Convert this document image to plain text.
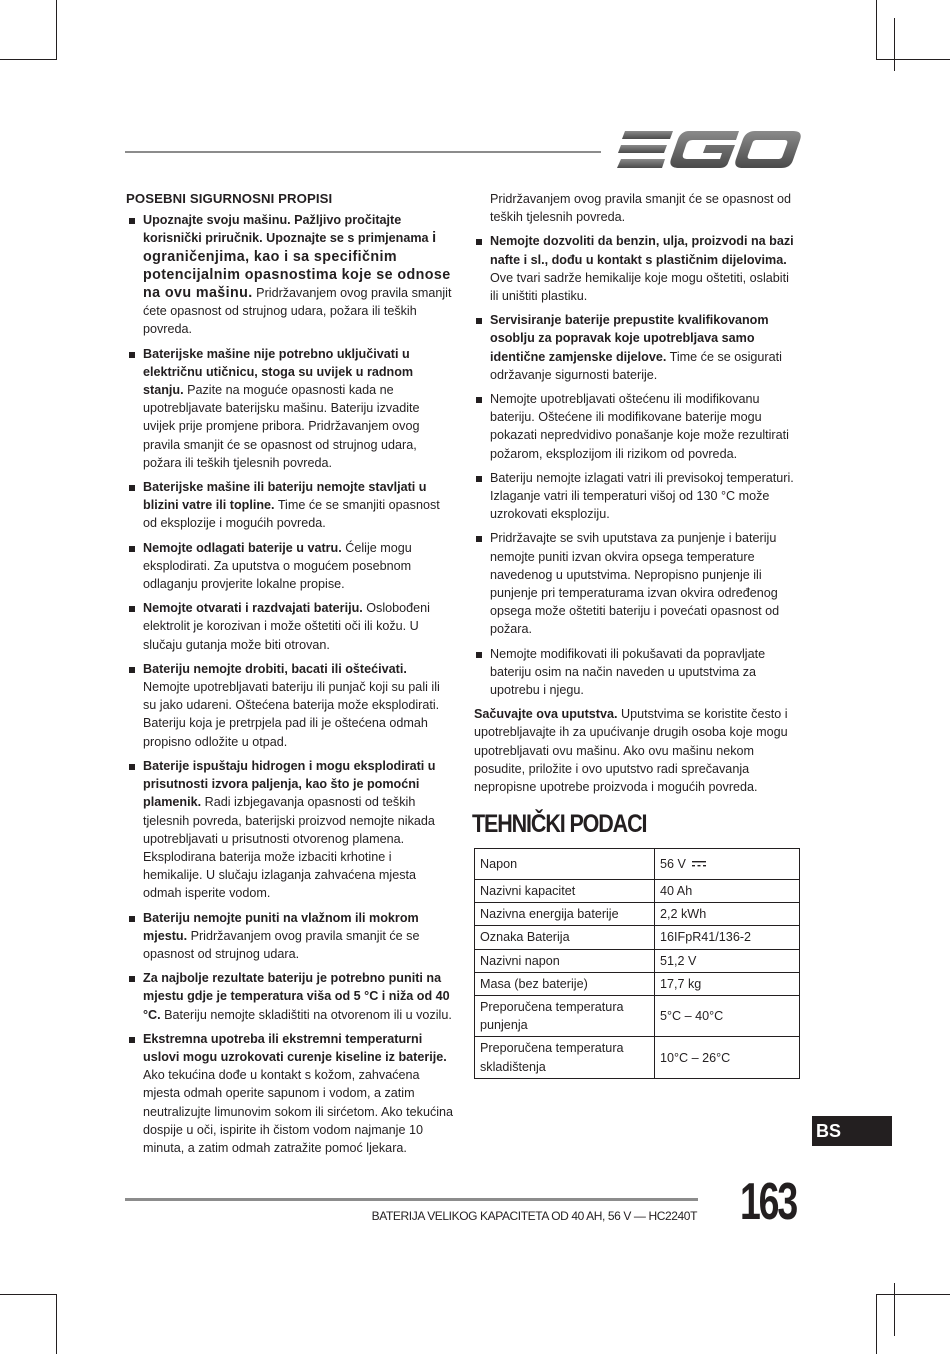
POSEBNI SIGURNOSNI PROPISI
Upoznajte svoju mašinu. Pažljivo pročitajte korisnički priručnik. Upoznajte se s primjenama i ograničenjima, kao i sa specifičnim potencijalnim opasnostima koje se odnose na ovu mašinu. Pridržavanjem ovog pravila smanjit ćete opasnost od strujnog udara, požara ili teških povreda.
Baterijske mašine nije potrebno uključivati u električnu utičnicu, stoga su uvijek u radnom stanju. Pazite na moguće opasnosti kada ne upotrebljavate baterijsku mašinu. Bateriju izvadite uvijek prije promjene pribora. Pridržavanjem ovog pravila smanjit će se opasnost od strujnog udara, požara ili teških tjelesnih povreda.
Baterijske mašine ili bateriju nemojte stavljati u blizini vatre ili topline. Time će se smanjiti opasnost od eksplozije i mogućih povreda.
Nemojte odlagati baterije u vatru. Ćelije mogu eksplodirati. Za uputstva o mogućem posebnom odlaganju provjerite lokalne propise.
Nemojte otvarati i razdvajati bateriju. Oslobođeni elektrolit je korozivan i može oštetiti oči ili kožu. U slučaju gutanja može biti otrovan.
Bateriju nemojte drobiti, bacati ili oštećivati. Nemojte upotrebljavati bateriju ili punjač koji su pali ili su jako udareni. Oštećena baterija može eksplodirati. Bateriju koja je pretrpjela pad ili je oštećena odmah propisno odložite u otpad.
Baterije ispuštaju hidrogen i mogu eksplodirati u prisutnosti izvora paljenja, kao što je pomoćni plamenik. Radi izbjegavanja opasnosti od teških tjelesnih povreda, baterijski proizvod nemojte nikada upotrebljavati u prisutnosti otvorenog plamena. Eksplodirana baterija može izbaciti krhotine i hemikalije. U slučaju izlaganja zahvaćena mjesta odmah isperite vodom.
Bateriju nemojte puniti na vlažnom ili mokrom mjestu. Pridržavanjem ovog pravila smanjit će se opasnost od strujnog udara.
Za najbolje rezultate bateriju je potrebno puniti na mjestu gdje je temperatura viša od 5 °C i niža od 40 °C. Bateriju nemojte skladištiti na otvorenom ili u vozilu.
Ekstremna upotreba ili ekstremni temperaturni uslovi mogu uzrokovati curenje kiseline iz baterije. Ako tekućina dođe u kontakt s kožom, zahvaćena mjesta odmah operite sapunom i vodom, a zatim neutralizujte limunovim sokom ili sirćetom. Ako tekućina dospije u oči, ispirite ih čistom vodom najmanje 10 minuta, a zatim odmah zatražite pomoć ljekara.

Pridržavanjem ovog pravila smanjit će se opasnost od teških tjelesnih povreda.

Nemojte dozvoliti da benzin, ulja, proizvodi na bazi nafte i sl., dođu u kontakt s plastičnim dijelovima. Ove tvari sadrže hemikalije koje mogu oštetiti, oslabiti ili uništiti plastiku.
Servisiranje baterije prepustite kvalifikovanom osoblju za popravak koje upotrebljava samo identične zamjenske dijelove. Time će se osigurati održavanje sigurnosti baterije.
Nemojte upotrebljavati oštećenu ili modifikovanu bateriju. Oštećene ili modifikovane baterije mogu pokazati nepredvidivo ponašanje koje može rezultirati požarom, eksplozijom ili rizikom od povreda.
Bateriju nemojte izlagati vatri ili previsokoj temperaturi. Izlaganje vatri ili temperaturi višoj od 130 °C može uzrokovati eksploziju.
Pridržavajte se svih uputstava za punjenje i bateriju nemojte puniti izvan okvira opsega temperature navedenog u uputstvima. Nepropisno punjenje ili punjenje pri temperaturama izvan okvira određenog opsega može oštetiti bateriju i povećati opasnost od požara.
Nemojte modifikovati ili pokušavati da popravljate bateriju osim na način naveden u uputstvima za upotrebu i njegu.

Sačuvajte ova uputstva. Uputstvima se koristite često i upotrebljavajte ih za upućivanje drugih osoba koje mogu upotrebljavati ovu mašinu. Ako ovu mašinu nekom posudite, priložite i ovo uputstvo radi sprečavanja nepropisne upotrebe proizvoda i mogućih povreda.

TEHNIČKI PODACI
Napon	56 V
Nazivni kapacitet	40 Ah
Nazivna energija baterije	2,2 kWh
Oznaka Baterija	16IFpR41/136-2
Nazivni napon	51,2 V
Masa (bez baterije)	17,7 kg
Preporučena temperatura punjenja	5°C – 40°C
Preporučena temperatura skladištenja	10°C – 26°C
BS
BATERIJA VELIKOG KAPACITETA OD 40 AH, 56 V — HC2240T 163
